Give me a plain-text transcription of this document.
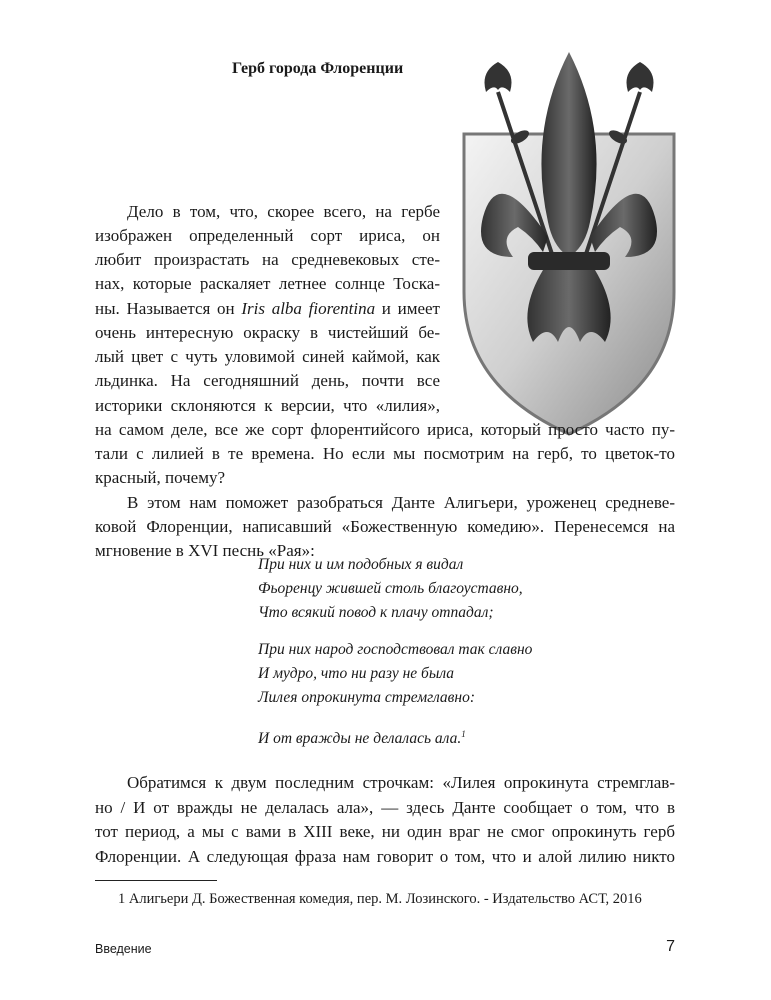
Герб города Флоренции
Дело в том, что, скорее всего, на гербе
изображен определенный сорт ириса, он
любит произрастать на средневековых сте-
нах, которые раскаляет летнее солнце Тоска-
ны. Называется он Iris alba fiorentina и имеет
очень интересную окраску в чистейший бе-
лый цвет с чуть уловимой синей каймой, как
льдинка. На сегодняшний день, почти все
историки склоняются к версии, что «лилия»,
на самом деле, все же сорт флорентийсого ириса, который просто часто пу-
тали с лилией в те времена. Но если мы посмотрим на герб, то цветок-то
красный, почему?
В этом нам поможет разобраться Данте Алигьери, уроженец средневе-
ковой Флоренции, написавший «Божественную комедию». Перенесемся на
мгновение в XVI песнь «Рая»:
При них и им подобных я видал
Фьоренцу жившей столь благоуставно,
Что всякий повод к плачу отпадал;
При них народ господствовал так славно
И мудро, что ни разу не была
Лилея опрокинута стремглавно:
И от вражды не делалась ала.$^1$
Обратимся к двум последним строчкам: «Лилея опрокинута стремглав-
но / И от вражды не делалась ала», — здесь Данте сообщает о том, что в
тот период, а мы с вами в XIII веке, ни один враг не смог опрокинуть герб
Флоренции. А следующая фраза нам говорит о том, что и алой лилию никто
1 Алигьери Д. Божественная комедия, пер. М. Лозинского. - Издательство АСТ, 2016
Введение	7
